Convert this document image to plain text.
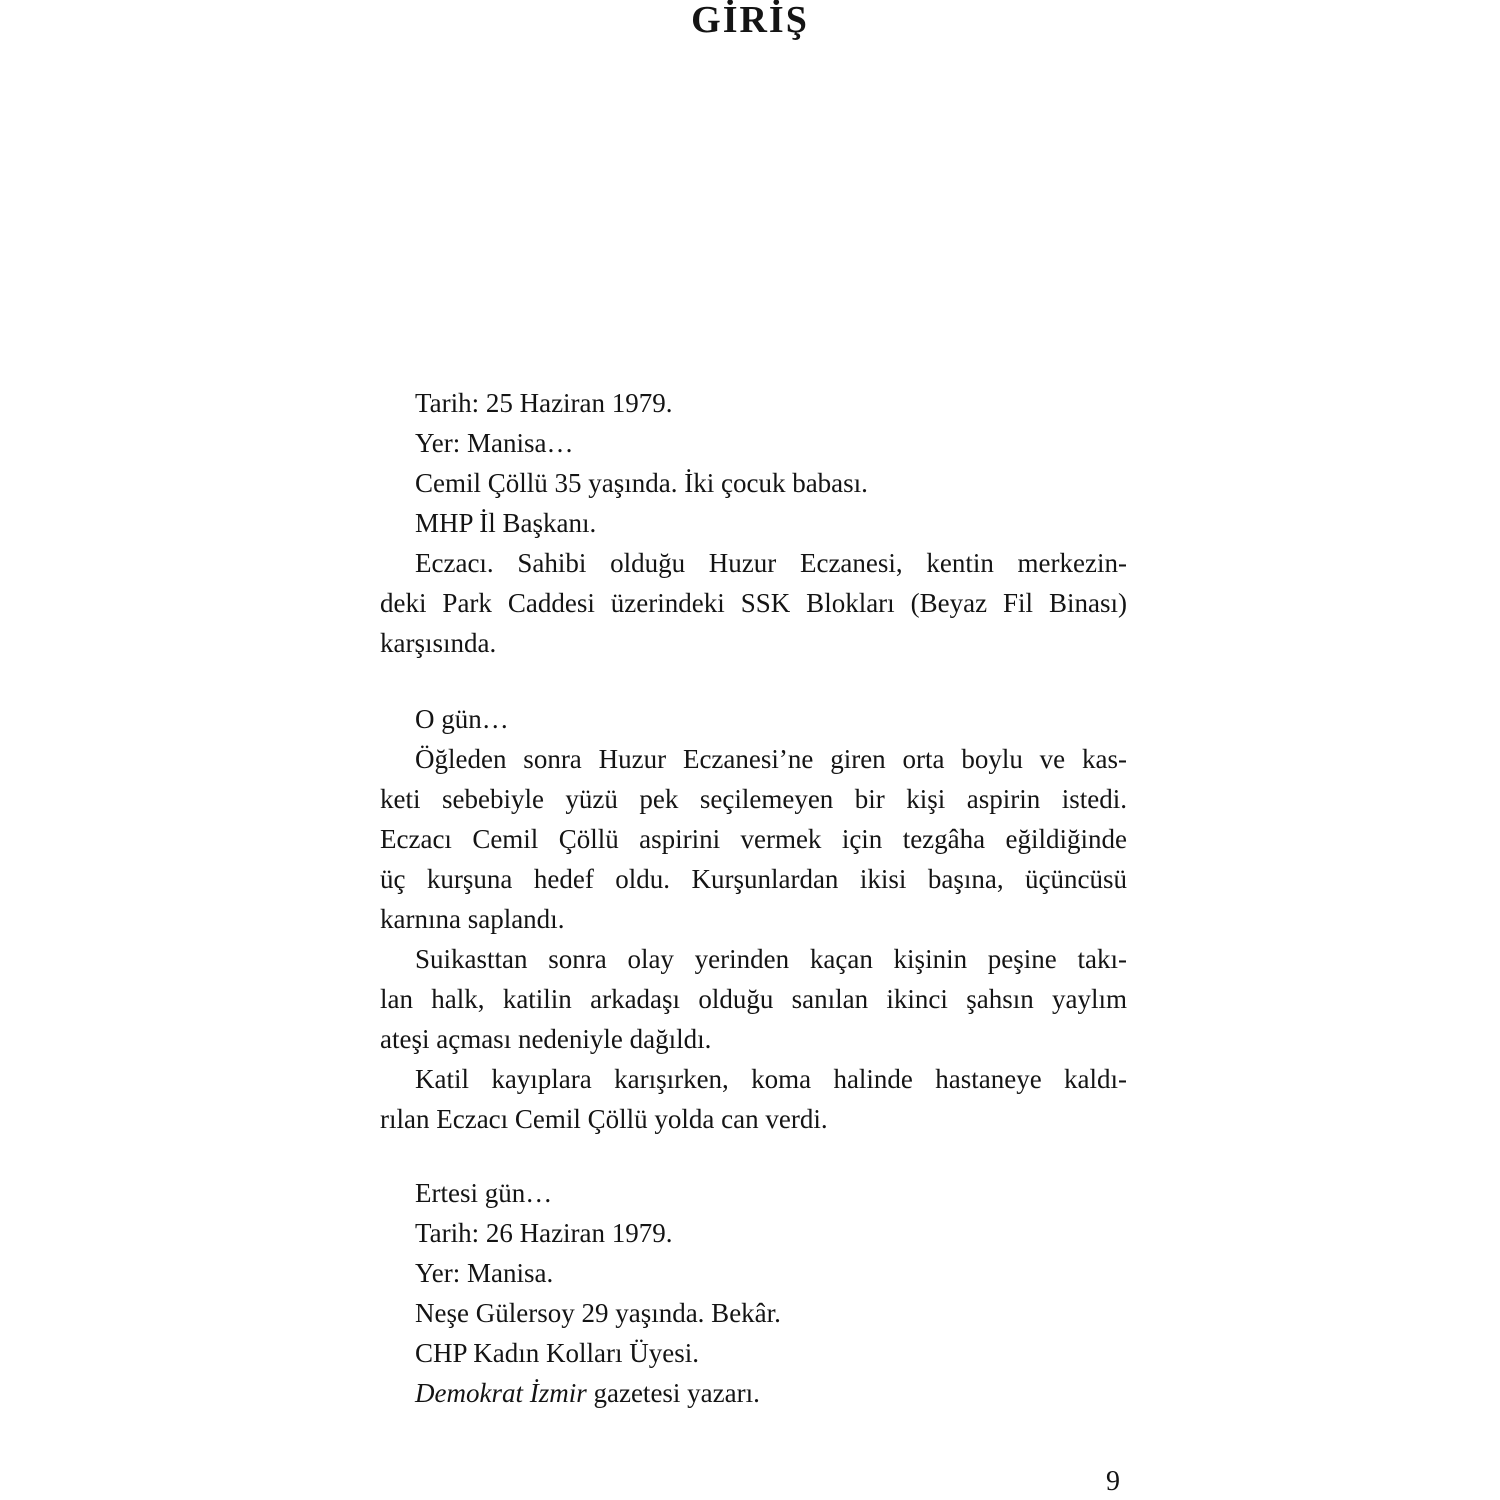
GİRİŞ
Tarih: 25 Haziran 1979.
Yer: Manisa…
Cemil Çöllü 35 yaşında. İki çocuk babası.
MHP İl Başkanı.
Eczacı. Sahibi olduğu Huzur Eczanesi, kentin merkezin-
deki Park Caddesi üzerindeki SSK Blokları (Beyaz Fil Binası)
karşısında.
O gün…
Öğleden sonra Huzur Eczanesi’ne giren orta boylu ve kas-
keti sebebiyle yüzü pek seçilemeyen bir kişi aspirin istedi.
Eczacı Cemil Çöllü aspirini vermek için tezgâha eğildiğinde
üç kurşuna hedef oldu. Kurşunlardan ikisi başına, üçüncüsü
karnına saplandı.
Suikasttan sonra olay yerinden kaçan kişinin peşine takı-
lan halk, katilin arkadaşı olduğu sanılan ikinci şahsın yaylım
ateşi açması nedeniyle dağıldı.
Katil kayıplara karışırken, koma halinde hastaneye kaldı-
rılan Eczacı Cemil Çöllü yolda can verdi.
Ertesi gün…
Tarih: 26 Haziran 1979.
Yer: Manisa.
Neşe Gülersoy 29 yaşında. Bekâr.
CHP Kadın Kolları Üyesi.
Demokrat İzmir gazetesi yazarı.
9
